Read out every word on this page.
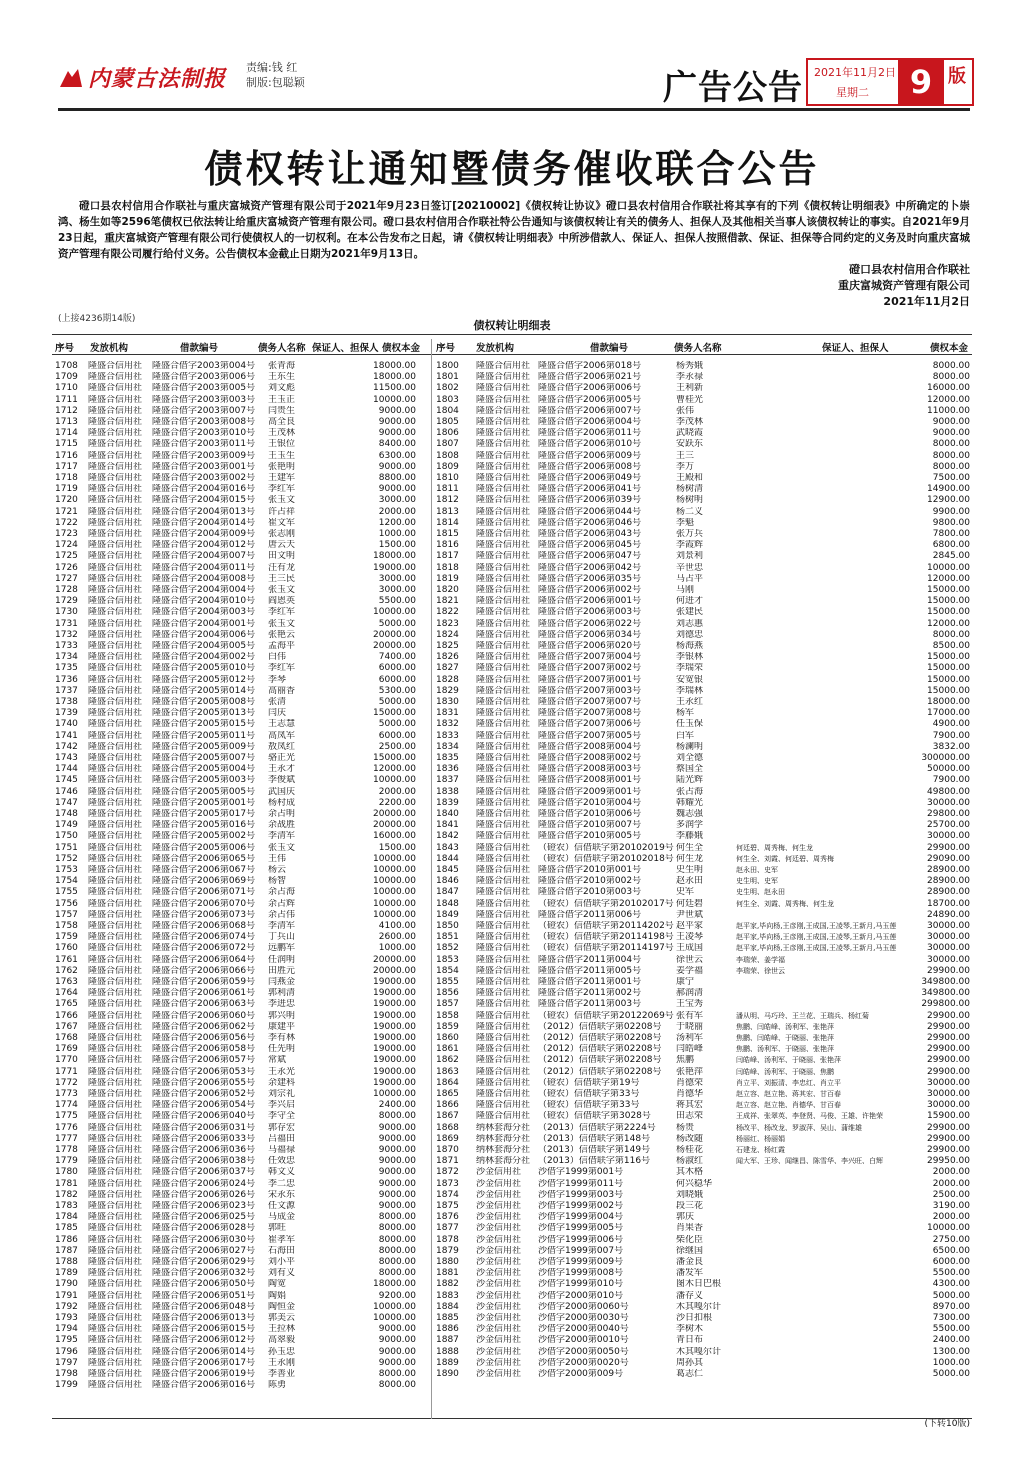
内蒙古法制报 责编:钱 红
制版:包聪颖	广告公告 2021年11月2日
星期二	9 版
债权转让通知暨债务催收联合公告
磴口县农村信用合作联社与重庆富城资产管理有限公司于2021年9月23日签订[20210002]《债权转让协议》磴口县农村信用合作联社将其享有的下列《债权转让明细表》中所确定的卜崇鸿、杨生如等2596笔债权已依法转让给重庆富城资产管理有限公司。磴口县农村信用合作联社特公告通知与该债权转让有关的债务人、担保人及其他相关当事人该债权转让的事实。自2021年9月23日起，重庆富城资产管理有限公司行使债权人的一切权利。在本公告发布之日起，请《债权转让明细表》中所涉借款人、保证人、担保人按照借款、保证、担保等合同约定的义务及时向重庆富城资产管理有限公司履行给付义务。公告债权本金截止日期为2021年9月13日。
磴口县农村信用合作联社
重庆富城资产管理有限公司
2021年11月2日
(上接4236期14版)	债权转让明细表
序号 发放机构	借款编号	债务人名称 保证人、担保人 债权本金 序号 发放机构	借款编号	债务人名称	保证人、担保人	债权本金
1708	隆盛合信用社	隆盛合借字2003第004号	张青海	18000.00
1709	隆盛合信用社	隆盛合借字2003第006号	王东生	18000.00
1710	隆盛合信用社	隆盛合借字2003第005号	刘文彪	11500.00
1711	隆盛合信用社	隆盛合借字2003第003号	王玉正	10000.00
1712	隆盛合信用社	隆盛合借字2003第007号	闫贵生	9000.00
1713	隆盛合信用社	隆盛合借字2003第008号	高全良	9000.00
1714	隆盛合信用社	隆盛合借字2003第010号	王茂林	9000.00
1715	隆盛合信用社	隆盛合借字2003第011号	王银位	8400.00
1716	隆盛合信用社	隆盛合借字2003第009号	王玉生	6300.00
1717	隆盛合信用社	隆盛合借字2003第001号	张艳明	9000.00
1718	隆盛合信用社	隆盛合借字2003第002号	王建军	8800.00
1719	隆盛合信用社	隆盛合借字2004第016号	李红军	9000.00
1720	隆盛合信用社	隆盛合借字2004第015号	张玉文	3000.00
1721	隆盛合信用社	隆盛合借字2004第013号	许占祥	2000.00
1722	隆盛合信用社	隆盛合借字2004第014号	崔文军	1200.00
1723	隆盛合信用社	隆盛合借字2004第009号	张志刚	1000.00
1724	隆盛合信用社	隆盛合借字2004第012号	唐云天	1500.00
1725	隆盛合信用社	隆盛合借字2004第007号	田文明	18000.00
1726	隆盛合信用社	隆盛合借字2004第011号	汪有龙	19000.00
1727	隆盛合信用社	隆盛合借字2004第008号	王三民	3000.00
1728	隆盛合信用社	隆盛合借字2004第004号	张玉文	3000.00
1729	隆盛合信用社	隆盛合借字2004第010号	阎恩英	5500.00
1730	隆盛合信用社	隆盛合借字2004第003号	李红军	10000.00
1731	隆盛合信用社	隆盛合借字2004第001号	张玉文	5000.00
1732	隆盛合信用社	隆盛合借字2004第006号	张艳云	20000.00
1733	隆盛合信用社	隆盛合借字2004第005号	孟海平	20000.00
1734	隆盛合信用社	隆盛合借字2004第002号	白伟	7400.00
1735	隆盛合信用社	隆盛合借字2005第010号	李红军	6000.00
1736	隆盛合信用社	隆盛合借字2005第012号	李琴	6000.00
1737	隆盛合信用社	隆盛合借字2005第014号	高丽香	5300.00
1738	隆盛合信用社	隆盛合借字2005第008号	张清	5000.00
1739	隆盛合信用社	隆盛合借字2005第013号	闫庆	15000.00
1740	隆盛合信用社	隆盛合借字2005第015号	王志慧	5000.00
1741	隆盛合信用社	隆盛合借字2005第011号	高凤军	6000.00
1742	隆盛合信用社	隆盛合借字2005第009号	敖凤红	2500.00
1743	隆盛合信用社	隆盛合借字2005第007号	骆正光	15000.00
1744	隆盛合信用社	隆盛合借字2005第004号	王永才	12000.00
1745	隆盛合信用社	隆盛合借字2005第003号	李俊斌	10000.00
1746	隆盛合信用社	隆盛合借字2005第005号	武国庆	2000.00
1747	隆盛合信用社	隆盛合借字2005第001号	杨村成	2200.00
1748	隆盛合信用社	隆盛合借字2005第017号	余占明	20000.00
1749	隆盛合信用社	隆盛合借字2005第016号	余战胜	20000.00
1750	隆盛合信用社	隆盛合借字2005第002号	李清军	16000.00
1751	隆盛合信用社	隆盛合借字2005第006号	张玉文	1500.00
1752	隆盛合信用社	隆盛合借字2006第065号	王伟	10000.00
1753	隆盛合信用社	隆盛合借字2006第067号	杨云	10000.00
1754	隆盛合信用社	隆盛合借字2006第069号	杨智	10000.00
1755	隆盛合信用社	隆盛合借字2006第071号	余占海	10000.00
1756	隆盛合信用社	隆盛合借字2006第070号	余占辉	10000.00
1757	隆盛合信用社	隆盛合借字2006第073号	余占伟	10000.00
1758	隆盛合信用社	隆盛合借字2006第068号	李清军	4100.00
1759	隆盛合信用社	隆盛合借字2006第074号	丁兵山	2600.00
1760	隆盛合信用社	隆盛合借字2006第072号	远鹏军	1000.00
1761	隆盛合信用社	隆盛合借字2006第064号	任润明	20000.00
1762	隆盛合信用社	隆盛合借字2006第066号	田胜元	20000.00
1763	隆盛合信用社	隆盛合借字2006第059号	闫燕金	19000.00
1764	隆盛合信用社	隆盛合借字2006第061号	郭利清	19000.00
1765	隆盛合信用社	隆盛合借字2006第063号	李进忠	19000.00
1766	隆盛合信用社	隆盛合借字2006第060号	郭兴明	19000.00
1767	隆盛合信用社	隆盛合借字2006第062号	康建平	19000.00
1768	隆盛合信用社	隆盛合借字2006第056号	李有林	19000.00
1769	隆盛合信用社	隆盛合借字2006第058号	任先明	19000.00
1770	隆盛合信用社	隆盛合借字2006第057号	常斌	19000.00
1771	隆盛合信用社	隆盛合借字2006第053号	王永光	19000.00
1772	隆盛合信用社	隆盛合借字2006第055号	余建科	19000.00
1773	隆盛合信用社	隆盛合借字2006第052号	刘宗礼	10000.00
1774	隆盛合信用社	隆盛合借字2006第054号	李兴启	2400.00
1775	隆盛合信用社	隆盛合借字2006第040号	李守全	8000.00
1776	隆盛合信用社	隆盛合借字2006第031号	郭存宏	9000.00
1777	隆盛合信用社	隆盛合借字2006第033号	吕福田	9000.00
1778	隆盛合信用社	隆盛合借字2006第036号	马福禄	9000.00
1779	隆盛合信用社	隆盛合借字2006第038号	任效忠	9000.00
1780	隆盛合信用社	隆盛合借字2006第037号	韩文义	9000.00
1781	隆盛合信用社	隆盛合借字2006第024号	李二忠	9000.00
1782	隆盛合信用社	隆盛合借字2006第026号	宋永东	9000.00
1783	隆盛合信用社	隆盛合借字2006第023号	任文源	9000.00
1784	隆盛合信用社	隆盛合借字2006第025号	马成金	8000.00
1785	隆盛合信用社	隆盛合借字2006第028号	郭旺	8000.00
1786	隆盛合信用社	隆盛合借字2006第030号	崔孝军	8000.00
1787	隆盛合信用社	隆盛合借字2006第027号	石海田	8000.00
1788	隆盛合信用社	隆盛合借字2006第029号	刘小平	8000.00
1789	隆盛合信用社	隆盛合借字2006第032号	刘有义	8000.00
1790	隆盛合信用社	隆盛合借字2006第050号	陶宽	18000.00
1791	隆盛合信用社	隆盛合借字2006第051号	陶娟	9200.00
1792	隆盛合信用社	隆盛合借字2006第048号	陶恒金	10000.00
1793	隆盛合信用社	隆盛合借字2006第013号	郭美云	10000.00
1794	隆盛合信用社	隆盛合借字2006第015号	王拉林	9000.00
1795	隆盛合信用社	隆盛合借字2006第012号	高翠毅	9000.00
1796	隆盛合信用社	隆盛合借字2006第014号	孙玉忠	9000.00
1797	隆盛合信用社	隆盛合借字2006第017号	王永刚	9000.00
1798	隆盛合信用社	隆盛合借字2006第019号	李善业	8000.00
1799	隆盛合信用社	隆盛合借字2006第016号	陈勇	8000.00
1800	隆盛合信用社 隆盛合借字2006第018号	杨秀娥	8000.00
1801	隆盛合信用社 隆盛合借字2006第021号	李永禄	8000.00
1802	隆盛合信用社 隆盛合借字2006第006号	王利新	16000.00
1803	隆盛合信用社 隆盛合借字2006第005号	曹桂光	12000.00
1804	隆盛合信用社 隆盛合借字2006第007号	张伟	11000.00
1805	隆盛合信用社 隆盛合借字2006第004号	李茂林	9000.00
1806	隆盛合信用社 隆盛合借字2006第011号	武晓霞	9000.00
1807	隆盛合信用社 隆盛合借字2006第010号	安跃东	8000.00
1808	隆盛合信用社 隆盛合借字2006第009号	王三	8000.00
1809	隆盛合信用社 隆盛合借字2006第008号	李万	8000.00
1810	隆盛合信用社 隆盛合借字2006第049号	王殿和	7500.00
1811	隆盛合信用社 隆盛合借字2006第041号	杨树清	14900.00
1812	隆盛合信用社 隆盛合借字2006第039号	杨树明	12900.00
1813	隆盛合信用社 隆盛合借字2006第044号	杨二义	9900.00
1814	隆盛合信用社 隆盛合借字2006第046号	李魁	9800.00
1815	隆盛合信用社 隆盛合借字2006第043号	张万兵	7800.00
1816	隆盛合信用社 隆盛合借字2006第045号	李霞辉	6800.00
1817	隆盛合信用社 隆盛合借字2006第047号	刘景利	2845.00
1818	隆盛合信用社 隆盛合借字2006第042号	辛世忠	10000.00
1819	隆盛合信用社 隆盛合借字2006第035号	马占平	12000.00
1820	隆盛合信用社 隆盛合借字2006第002号	马刚	15000.00
1821	隆盛合信用社 隆盛合借字2006第001号	何进才	15000.00
1822	隆盛合信用社 隆盛合借字2006第003号	张建民	15000.00
1823	隆盛合信用社 隆盛合借字2006第022号	刘志惠	12000.00
1824	隆盛合信用社 隆盛合借字2006第034号	刘德忠	8000.00
1825	隆盛合信用社 隆盛合借字2006第020号	杨海燕	8500.00
1826	隆盛合信用社 隆盛合借字2007第004号	李银林	15000.00
1827	隆盛合信用社 隆盛合借字2007第002号	李瑞荣	15000.00
1828	隆盛合信用社 隆盛合借字2007第001号	安宽银	15000.00
1829	隆盛合信用社 隆盛合借字2007第003号	李瑞林	15000.00
1830	隆盛合信用社 隆盛合借字2007第007号	王永红	18000.00
1831	隆盛合信用社 隆盛合借字2007第008号	杨军	17000.00
1832	隆盛合信用社 隆盛合借字2007第006号	任玉保	4900.00
1833	隆盛合信用社 隆盛合借字2007第005号	白军	7900.00
1834	隆盛合信用社 隆盛合借字2008第004号	杨澜明	3832.00
1835	隆盛合信用社 隆盛合借字2008第002号	刘全德	300000.00
1836	隆盛合信用社 隆盛合借字2008第003号	蔡国全	50000.00
1837	隆盛合信用社 隆盛合借字2008第001号	陆光辉	7900.00
1838	隆盛合信用社 隆盛合借字2009第001号	张占海	49800.00
1839	隆盛合信用社 隆盛合借字2010第004号	韩耀光	30000.00
1840	隆盛合信用社 隆盛合借字2010第006号	魏志强	29800.00
1841	隆盛合信用社 隆盛合借字2010第007号	多润学	25700.00
1842	隆盛合信用社 隆盛合借字2010第005号	李藤娥	30000.00
1843	隆盛合信用社 （磴农）信借联字第20102019号 何生全	何廷碧、周秀梅、何生龙	29900.00
1844	隆盛合信用社 （磴农）信借联字第20102018号 何生龙	何生全、刘霞、何廷碧、周秀梅	29090.00
1845	隆盛合信用社 隆盛合借字2010第001号	史生明	赵永田、史军	28900.00
1846	隆盛合信用社 隆盛合借字2010第002号	赵永田	史生明、史军	28900.00
1847	隆盛合信用社 隆盛合借字2010第003号	史军	史生明、赵永田	28900.00
1848	隆盛合信用社 （磴农）信借联字第20102017号 何廷碧	何生全、刘霞、周秀梅、何生龙	18700.00
1849	隆盛合信用社 隆盛合借字2011第006号	尹世斌	24890.00
1850	隆盛合信用社 （磴农）信借联字第20114202号 赵平家	赵平家,毕向杨,王彦刚,王成国,王凌琴,王新月,马玉莲	30000.00
1851	隆盛合信用社 （磴农）信借联字第20114198号 王凌琴	赵平家,毕向杨,王彦刚,王成国,王凌琴,王新月,马玉莲	30000.00
1852	隆盛合信用社 （磴农）信借联字第20114197号 王成国	赵平家,毕向杨,王彦刚,王成国,王凌琴,王新月,马玉莲	30000.00
1853	隆盛合信用社 隆盛合借字2011第004号	徐世云	李瑞荣、姜学福	30000.00
1854	隆盛合信用社 隆盛合借字2011第005号	姜学福	李瑞荣、徐世云	29900.00
1855	隆盛合信用社 隆盛合借字2011第001号	康宁	349800.00
1856	隆盛合信用社 隆盛合借字2011第002号	郝润清	349800.00
1857	隆盛合信用社 隆盛合借字2011第003号	王宝秀	299800.00
1858	隆盛合信用社 （磴农）信借联字第20122069号 张有军	潘从明、马巧玲、王兰花、王瑞兵、杨红菊	29900.00
1859	隆盛合信用社 （2012）信借联字第02208号	于晓丽	焦鹏、闫皓峰、汤利军、张艳萍	29900.00
1860	隆盛合信用社 （2012）信借联字第02208号	汤利军	焦鹏、闫皓峰、于晓丽、张艳萍	29900.00
1861	隆盛合信用社 （2012）信借联字第02208号	闫皓峰	焦鹏、汤利军、于晓丽、张艳萍	29900.00
1862	隆盛合信用社 （2012）信借联字第02208号	焦鹏	闫皓峰、汤利军、于晓丽、张艳萍	29900.00
1863	隆盛合信用社 （2012）信借联字第02208号	张艳萍	闫皓峰、汤利军、于晓丽、焦鹏	29900.00
1864	隆盛合信用社 （磴农）信借联字第19号	肖德荣	肖立平、刘振清、李忠红、肖立平	30000.00
1865	隆盛合信用社 （磴农）信借联字第33号	肖德华	赵立容、赵立艳、蒋其宏、甘百春	30000.00
1866	隆盛合信用社 （磴农）信借联字第33号	蒋其宏	赵立容、赵立艳、肖德华、甘百春	30000.00
1867	隆盛合信用社 （磴农）信借联字第3028号	田志荣	王成祥、张翠英、李登贤、马俊、王雄、许艳荣	15900.00
1868	纳林套海分社 （2013）信借联字第2224号	杨贵	杨改平、杨改龙、罗淑萍、吴山、蒲维雄	29900.00
1869	纳林套海分社 （2013）信借联字第148号	杨改随	杨丽红、杨丽娟	29900.00
1870	纳林套海分社 （2013）信借联字第149号	杨桂花	石建龙、杨红霞	29900.00
1871	纳林套海分社 （2013）信借联字第116号	杨淑红	闻大军、王珍、闻继昌、陈雪华、李兴旺、白辉	29950.00
1872	沙金信用社	沙借字1999第001号	其木格	2000.00
1873	沙金信用社	沙借字1999第011号	何兴稳华	2000.00
1874	沙金信用社	沙借字1999第003号	刘晓娥	2500.00
1875	沙金信用社	沙借字1999第002号	段三花	3190.00
1876	沙金信用社	沙借字1999第004号	郭庆	2000.00
1877	沙金信用社	沙借字1999第005号	肖果香	10000.00
1878	沙金信用社	沙借字1999第006号	柴化臣	2750.00
1879	沙金信用社	沙借字1999第007号	徐继国	6500.00
1880	沙金信用社	沙借字1999第009号	潘金良	6000.00
1881	沙金信用社	沙借字1999第008号	潘发军	5500.00
1882	沙金信用社	沙借字1999第010号	图木日巴根	4300.00
1883	沙金信用社	沙借字2000第010号	潘存义	5000.00
1884	沙金信用社	沙借字2000第0060号	木其嘎尔计	8970.00
1885	沙金信用社	沙借字2000第0030号	沙日扣根	7300.00
1886	沙金信用社	沙借字2000第0040号	李树木	5500.00
1887	沙金信用社	沙借字2000第0010号	青日布	2400.00
1888	沙金信用社	沙借字2000第0050号	木其嘎尔计	1300.00
1889	沙金信用社	沙借字2000第0020号	周孙其	1000.00
1890	沙金信用社	沙借字2000第009号	葛志仁	5000.00
(下转10版)
